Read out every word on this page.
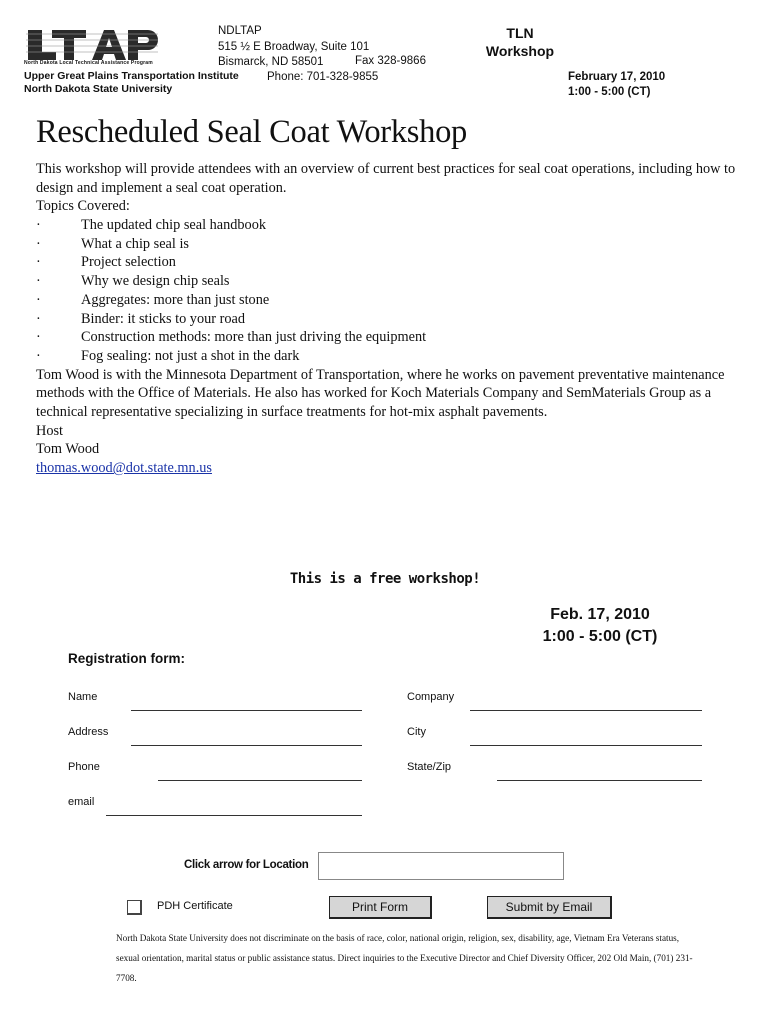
North Dakota Local Technical Assistance Program
Upper Great Plains Transportation Institute
North Dakota State University
NDLTAP
515 ½ E Broadway, Suite 101
Bismarck, ND 58501	Fax 328-9866
Phone: 701-328-9855
TLN
Workshop
February 17, 2010
1:00 - 5:00 (CT)
Rescheduled Seal Coat Workshop

This workshop will provide attendees with an overview of current best practices for seal coat operations, including how to design and implement a seal coat operation.

Topics Covered:

·	The updated chip seal handbook
·	What a chip seal is
·	Project selection
·	Why we design chip seals
·	Aggregates: more than just stone
·	Binder: it sticks to your road
·	Construction methods: more than just driving the equipment
·	Fog sealing: not just a shot in the dark

Tom Wood is with the Minnesota Department of Transportation, where he works on pavement preventative maintenance methods with the Office of Materials. He also has worked for Koch Materials Company and SemMaterials Group as a technical representative specializing in surface treatments for hot-mix asphalt pavements.

Host

Tom Wood

thomas.wood@dot.state.mn.us

This is a free workshop!
Feb. 17, 2010
1:00 - 5:00 (CT)
Registration form:
Name	Company
Address	City
Phone	State/Zip
email
Click arrow for Location
PDH Certificate	Print Form	Submit by Email
North Dakota State University does not discriminate on the basis of race, color, national origin, religion, sex, disability, age, Vietnam Era Veterans status, sexual orientation, marital status or public assistance status. Direct inquiries to the Executive Director and Chief Diversity Officer, 202 Old Main, (701) 231-7708.
